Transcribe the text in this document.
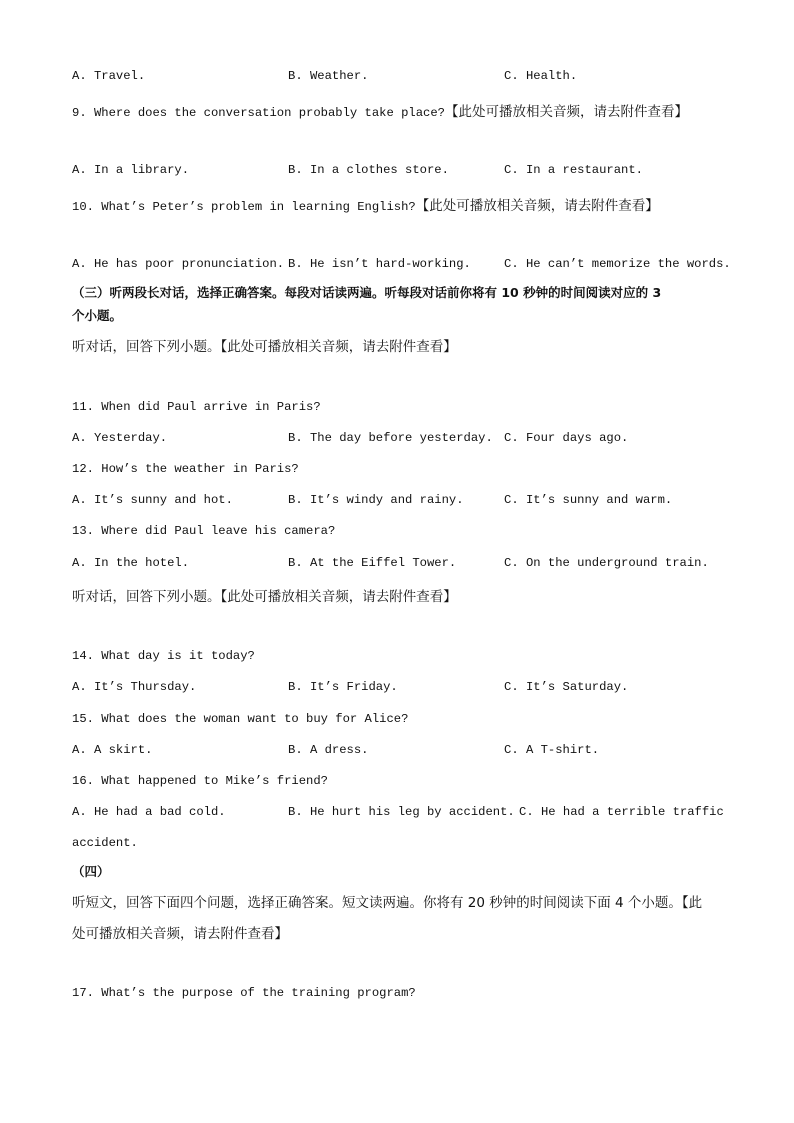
A. Travel.	B. Weather.	C. Health.
9. Where does the conversation probably take place?【此处可播放相关音频，请去附件查看】
A. In a library.	B. In a clothes store.	C. In a restaurant.
10. What’s Peter’s problem in learning English?【此处可播放相关音频，请去附件查看】
A. He has poor pronunciation. B. He isn’t hard-working.	C. He can’t memorize the words.
（三）听两段长对话，选择正确答案。每段对话读两遍。听每段对话前你将有 10 秒钟的时间阅读对应的 3
个小题。
听对话，回答下列小题。【此处可播放相关音频，请去附件查看】
11. When did Paul arrive in Paris?
A. Yesterday.	B. The day before yesterday. C. Four days ago.
12. How’s the weather in Paris?
A. It’s sunny and hot.	B. It’s windy and rainy.	C. It’s sunny and warm.
13. Where did Paul leave his camera?
A. In the hotel.	B. At the Eiffel Tower.	C. On the underground train.
听对话，回答下列小题。【此处可播放相关音频，请去附件查看】
14. What day is it today?
A. It’s Thursday.	B. It’s Friday.	C. It’s Saturday.
15. What does the woman want to buy for Alice?
A. A skirt.	B. A dress.	C. A T-shirt.
16. What happened to Mike’s friend?
A. He had a bad cold.	B. He hurt his leg by accident. C. He had a terrible traffic
accident.
（四）
听短文，回答下面四个问题，选择正确答案。短文读两遍。你将有 20 秒钟的时间阅读下面 4 个小题。【此
处可播放相关音频，请去附件查看】
17. What’s the purpose of the training program?
